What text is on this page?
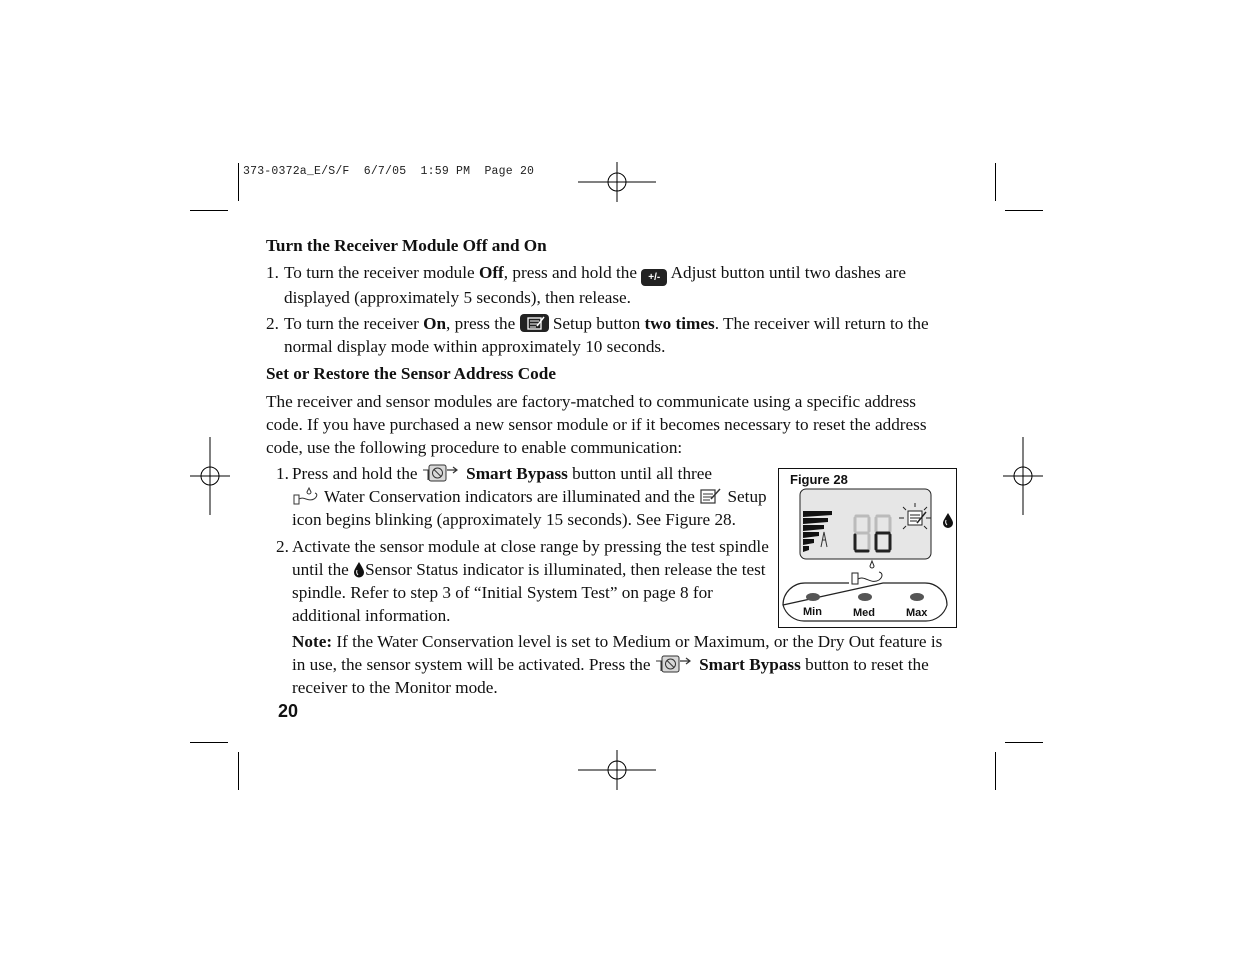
373-0372a_E/S/F  6/7/05  1:59 PM  Page 20
Turn the Receiver Module Off and On
1. To turn the receiver module Off, press and hold the +/- Adjust button until two dashes are displayed (approximately 5 seconds), then release.
2. To turn the receiver On, press the  Setup button two times. The receiver will return to the normal display mode within approximately 10 seconds.
Set or Restore the Sensor Address Code
The receiver and sensor modules are factory-matched to communicate using a specific address code. If you have purchased a new sensor module or if it becomes necessary to reset the address code, use the following procedure to enable communication:
1. Press and hold the	Smart Bypass button until all three
Water Conservation indicators are illuminated and the  Setup icon begins blinking (approximately 15 seconds). See Figure 28.
2. Activate the sensor module at close range by pressing the test spindle until the Sensor Status indicator is illuminated, then release the test spindle. Refer to step 3 of “Initial System Test” on page 8 for additional information.
Note: If the Water Conservation level is set to Medium or Maximum, or the Dry Out feature is in use, the sensor system will be activated. Press the	Smart Bypass button to reset the receiver to the Monitor mode.
Figure 28
Min	Med	Max
20
